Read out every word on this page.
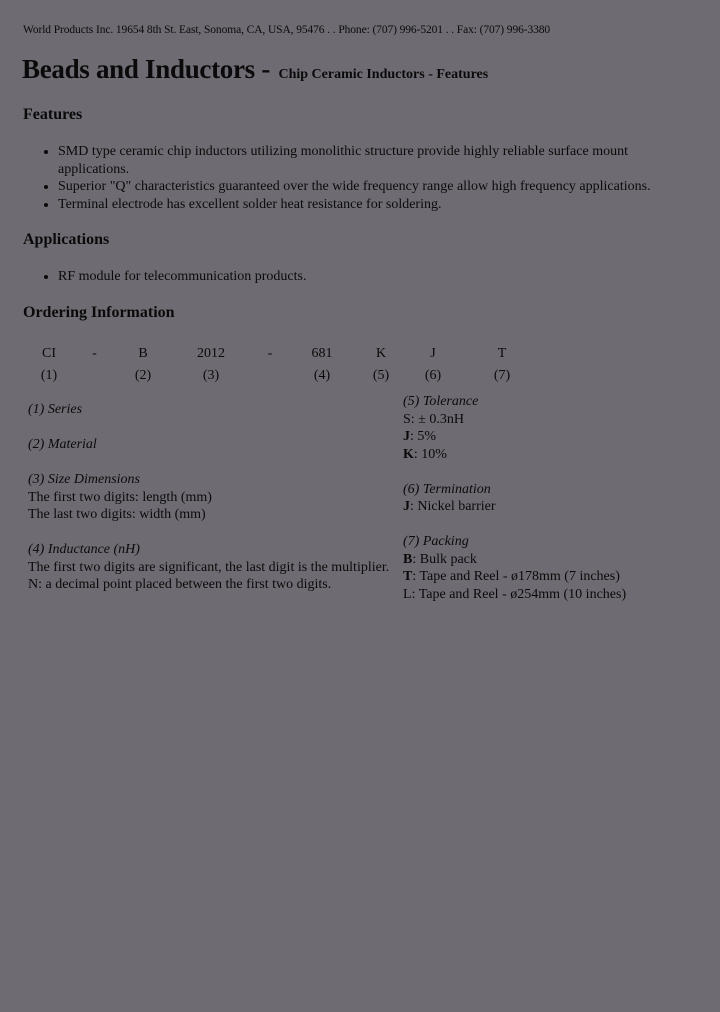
World Products Inc. 19654 8th St. East, Sonoma, CA, USA, 95476 . . Phone: (707) 996-5201 . . Fax: (707) 996-3380
Beads and Inductors - Chip Ceramic Inductors - Features
Features
• SMD type ceramic chip inductors utilizing monolithic structure provide highly reliable surface mount applications.
• Superior "Q" characteristics guaranteed over the wide frequency range allow high frequency applications.
• Terminal electrode has excellent solder heat resistance for soldering.
Applications
• RF module for telecommunication products.
Ordering Information
CI	-	B	2012	-	681	K	J	T
(1)		(2)	(3)		(4)	(5)	(6)	(7)
(1) Series
(2) Material
(3) Size Dimensions
The first two digits: length (mm)
The last two digits: width (mm)
(4) Inductance (nH)
The first two digits are significant, the last digit is the multiplier.
N: a decimal point placed between the first two digits.
(5) Tolerance
S: ± 0.3nH
J: 5%
K: 10%
(6) Termination
J: Nickel barrier
(7) Packing
B: Bulk pack
T: Tape and Reel - ø178mm (7 inches)
L: Tape and Reel - ø254mm (10 inches)
